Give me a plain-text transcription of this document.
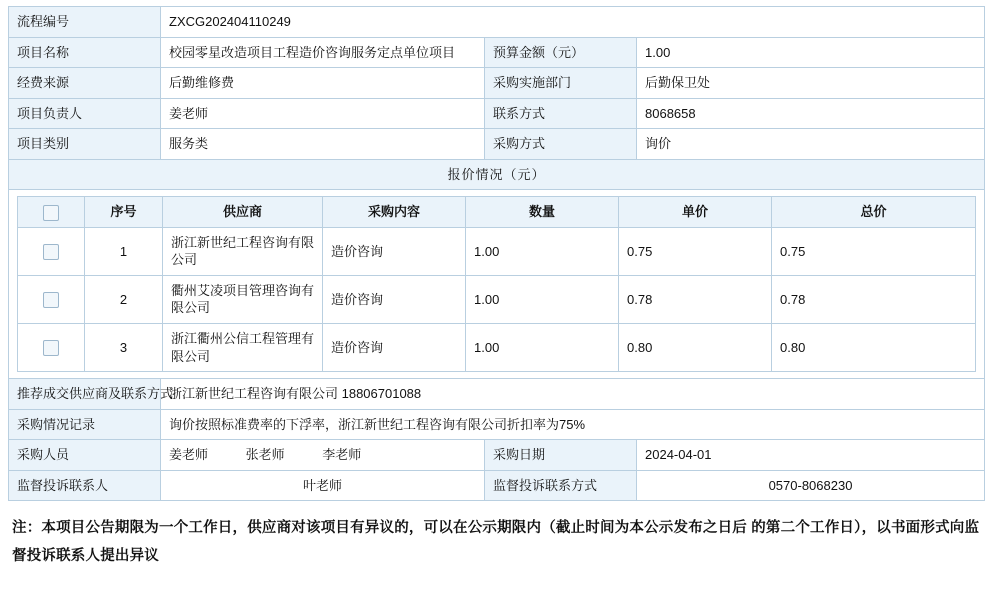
流程编号	ZXCG202404110249
项目名称	校园零星改造项目工程造价咨询服务定点单位项目	预算金额（元）	1.00
经费来源	后勤维修费	采购实施部门	后勤保卫处
项目负责人	姜老师	联系方式	8068658
项目类别	服务类	采购方式	询价
报价情况（元）

	序号	供应商	采购内容	数量	单价	总价
	1	浙江新世纪工程咨询有限公司	造价咨询	1.00	0.75	0.75
	2	衢州艾凌项目管理咨询有限公司	造价咨询	1.00	0.78	0.78
	3	浙江衢州公信工程管理有限公司	造价咨询	1.00	0.80	0.80

推荐成交供应商及联系方式	浙江新世纪工程咨询有限公司 18806701088
采购情况记录	询价按照标准费率的下浮率，浙江新世纪工程咨询有限公司折扣率为75%
采购人员	姜老师	张老师	李老师	采购日期	2024-04-01
监督投诉联系人	叶老师	监督投诉联系方式	0570-8068230
注：本项目公告期限为一个工作日，供应商对该项目有异议的，可以在公示期限内（截止时间为本公示发布之日后 的第二个工作日），以书面形式向监督投诉联系人提出异议
